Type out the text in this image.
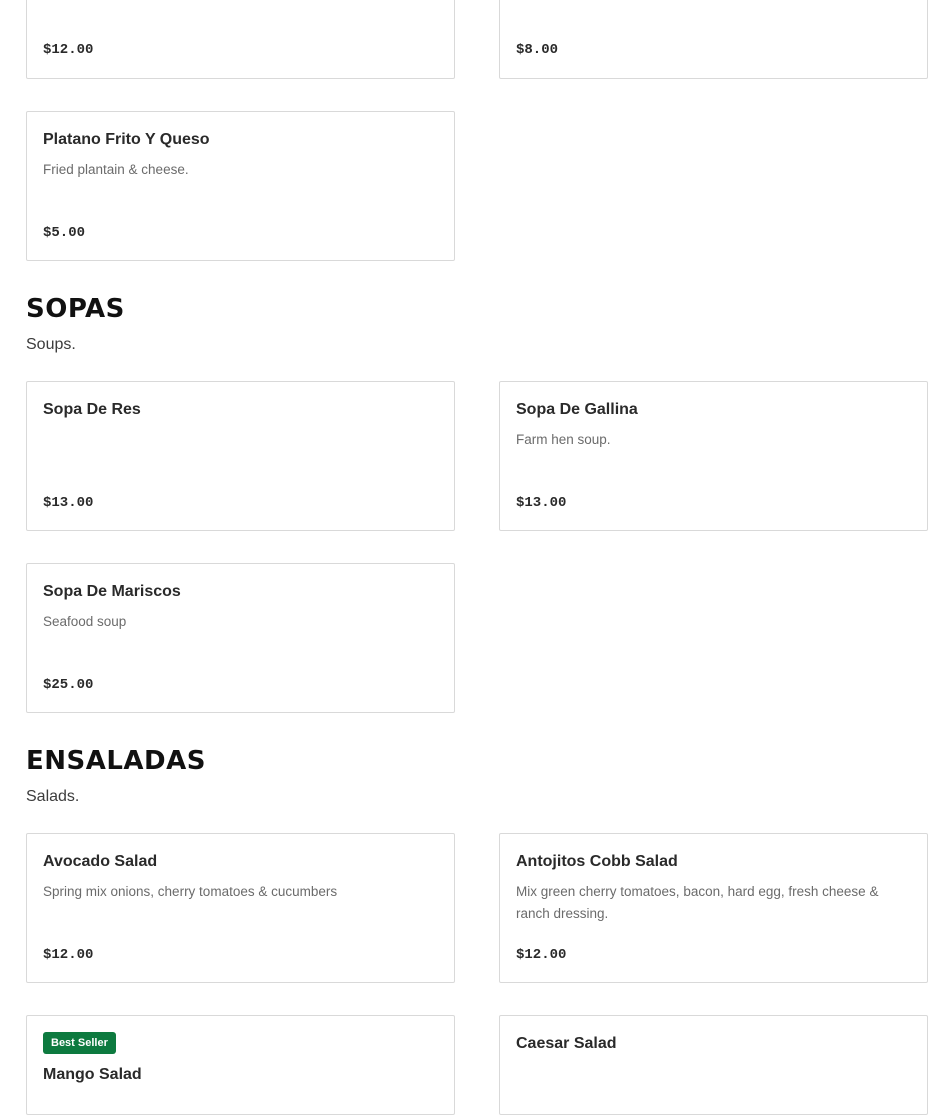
$12.00	$8.00
Platano Frito Y Queso
Fried plantain & cheese.
$5.00
SOPAS
Soups.
Sopa De Res
$13.00
Sopa De Gallina
Farm hen soup.
$13.00
Sopa De Mariscos
Seafood soup
$25.00
ENSALADAS
Salads.
Avocado Salad
Spring mix onions, cherry tomatoes & cucumbers
$12.00
Antojitos Cobb Salad
Mix green cherry tomatoes, bacon, hard egg, fresh cheese & ranch dressing.
$12.00
Best Seller
Mango Salad
Caesar Salad
